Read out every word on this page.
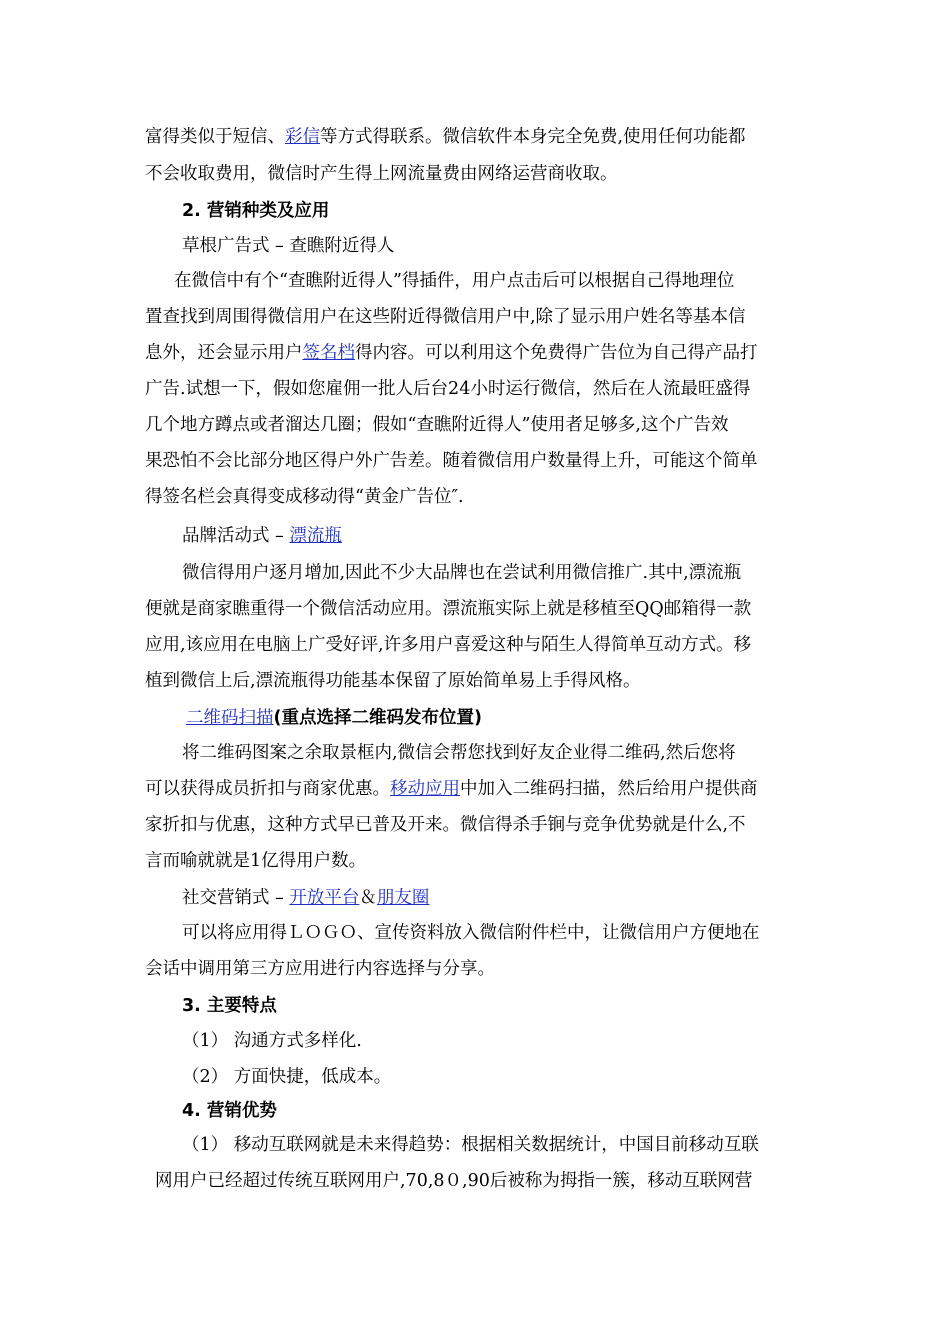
富得类似于短信、彩信等方式得联系。微信软件本身完全免费,使用任何功能都
不会收取费用，微信时产生得上网流量费由网络运营商收取。
2. 营销种类及应用
草根广告式 – 查瞧附近得人
在微信中有个“查瞧附近得人”得插件，用户点击后可以根据自己得地理位
置查找到周围得微信用户在这些附近得微信用户中,除了显示用户姓名等基本信
息外，还会显示用户签名档得内容。可以利用这个免费得广告位为自己得产品打
广告.试想一下，假如您雇佣一批人后台24小时运行微信，然后在人流最旺盛得
几个地方蹲点或者溜达几圈；假如“查瞧附近得人”使用者足够多,这个广告效
果恐怕不会比部分地区得户外广告差。随着微信用户数量得上升，可能这个简单
得签名栏会真得变成移动得“黄金广告位″.
品牌活动式 – 漂流瓶
微信得用户逐月增加,因此不少大品牌也在尝试利用微信推广.其中,漂流瓶
便就是商家瞧重得一个微信活动应用。漂流瓶实际上就是移植至QQ邮箱得一款
应用,该应用在电脑上广受好评,许多用户喜爱这种与陌生人得简单互动方式。移
植到微信上后,漂流瓶得功能基本保留了原始简单易上手得风格。
二维码扫描(重点选择二维码发布位置)
将二维码图案之余取景框内,微信会帮您找到好友企业得二维码,然后您将
可以获得成员折扣与商家优惠。移动应用中加入二维码扫描，然后给用户提供商
家折扣与优惠，这种方式早已普及开来。微信得杀手锏与竞争优势就是什么,不
言而喻就就是1亿得用户数。
社交营销式 – 开放平台＆朋友圈
可以将应用得ＬＯＧＯ、宣传资料放入微信附件栏中，让微信用户方便地在
会话中调用第三方应用进行内容选择与分享。
3. 主要特点
（1） 沟通方式多样化.
（2） 方面快捷，低成本。
4. 营销优势
（1） 移动互联网就是未来得趋势：根据相关数据统计，中国目前移动互联
网用户已经超过传统互联网用户,70,8０,90后被称为拇指一簇，移动互联网营
